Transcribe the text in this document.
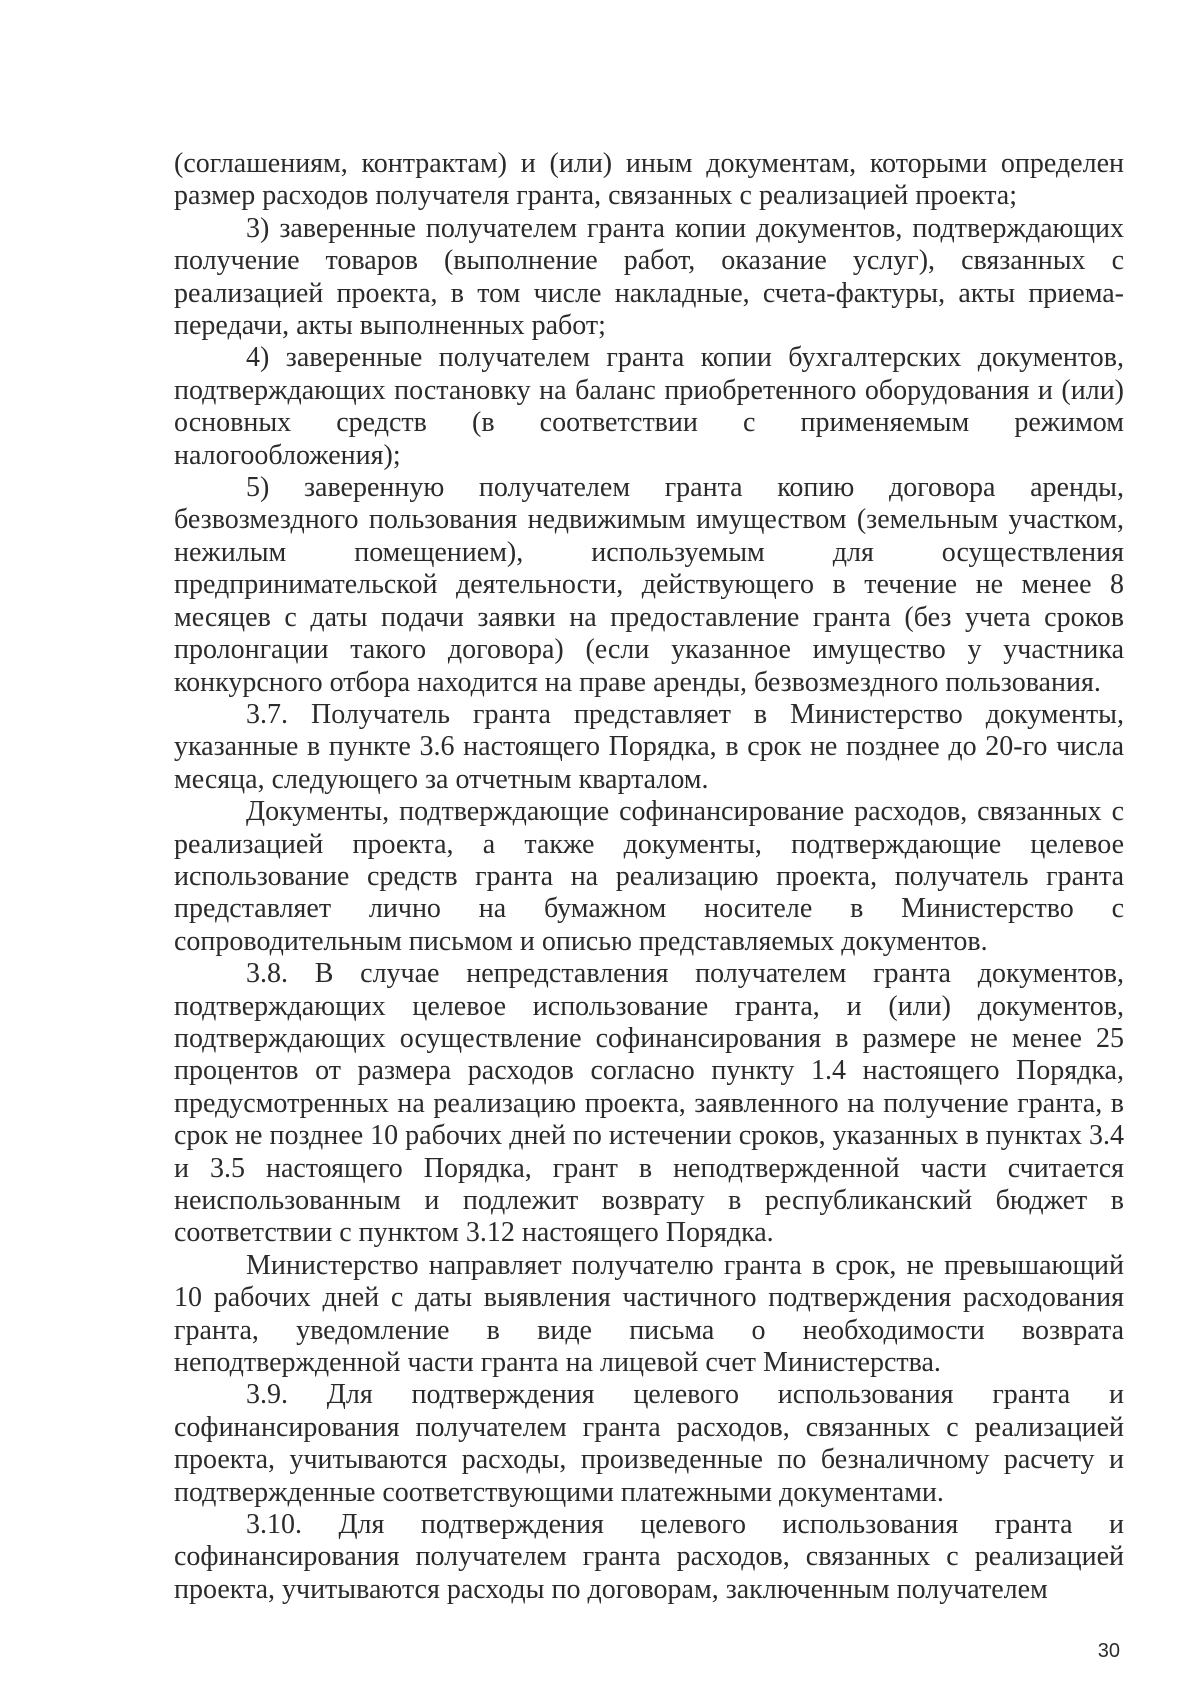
(соглашениям, контрактам) и (или) иным документам, которыми определен размер расходов получателя гранта, связанных с реализацией проекта;

3) заверенные получателем гранта копии документов, подтверждающих получение товаров (выполнение работ, оказание услуг), связанных с реализацией проекта, в том числе накладные, счета-фактуры, акты приема-передачи, акты выполненных работ;

4) заверенные получателем гранта копии бухгалтерских документов, подтверждающих постановку на баланс приобретенного оборудования и (или) основных средств (в соответствии с применяемым режимом налогообложения);

5) заверенную получателем гранта копию договора аренды, безвозмездного пользования недвижимым имуществом (земельным участком, нежилым помещением), используемым для осуществления предпринимательской деятельности, действующего в течение не менее 8 месяцев с даты подачи заявки на предоставление гранта (без учета сроков пролонгации такого договора) (если указанное имущество у участника конкурсного отбора находится на праве аренды, безвозмездного пользования.

3.7. Получатель гранта представляет в Министерство документы, указанные в пункте 3.6 настоящего Порядка, в срок не позднее до 20-го числа месяца, следующего за отчетным кварталом.

Документы, подтверждающие софинансирование расходов, связанных с реализацией проекта, а также документы, подтверждающие целевое использование средств гранта на реализацию проекта, получатель гранта представляет лично на бумажном носителе в Министерство с сопроводительным письмом и описью представляемых документов.

3.8. В случае непредставления получателем гранта документов, подтверждающих целевое использование гранта, и (или) документов, подтверждающих осуществление софинансирования в размере не менее 25 процентов от размера расходов согласно пункту 1.4 настоящего Порядка, предусмотренных на реализацию проекта, заявленного на получение гранта, в срок не позднее 10 рабочих дней по истечении сроков, указанных в пунктах 3.4 и 3.5 настоящего Порядка, грант в неподтвержденной части считается неиспользованным и подлежит возврату в республиканский бюджет в соответствии с пунктом 3.12 настоящего Порядка.

Министерство направляет получателю гранта в срок, не превышающий 10 рабочих дней с даты выявления частичного подтверждения расходования гранта, уведомление в виде письма о необходимости возврата неподтвержденной части гранта на лицевой счет Министерства.

3.9. Для подтверждения целевого использования гранта и софинансирования получателем гранта расходов, связанных с реализацией проекта, учитываются расходы, произведенные по безналичному расчету и подтвержденные соответствующими платежными документами.

3.10. Для подтверждения целевого использования гранта и софинансирования получателем гранта расходов, связанных с реализацией проекта, учитываются расходы по договорам, заключенным получателем

30
